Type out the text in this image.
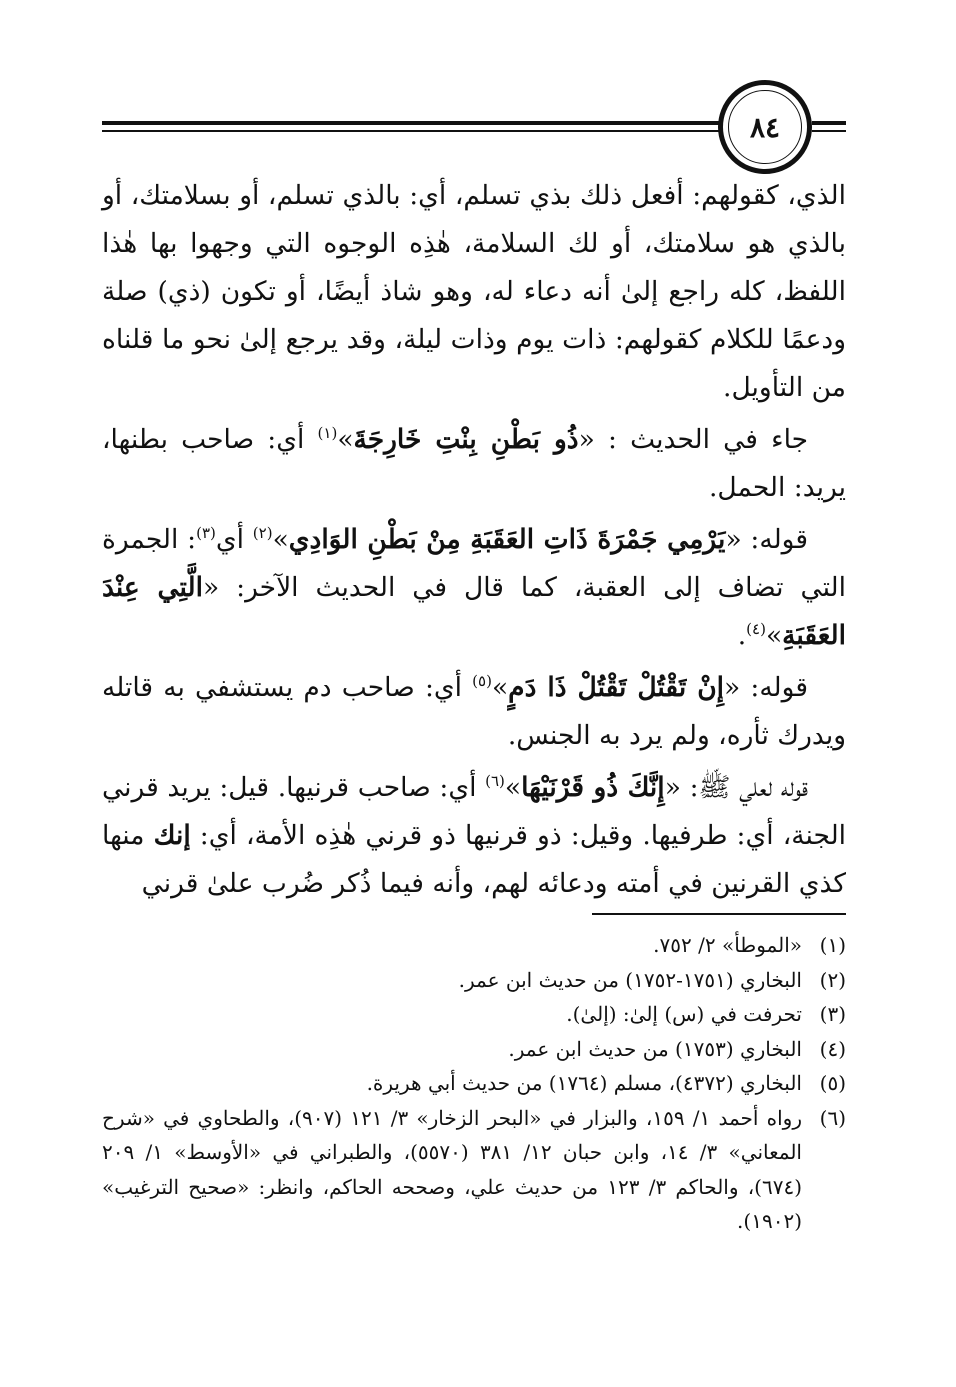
٨٤

الذي، كقولهم: أفعل ذلك بذي تسلم، أي: بالذي تسلم، أو بسلامتك، أو بالذي هو سلامتك، أو لك السلامة، هٰذِه الوجوه التي وجهوا بها هٰذا اللفظ، كله راجع إلىٰ أنه دعاء له، وهو شاذ أيضًا، أو تكون (ذي) صلة ودعمًا للكلام كقولهم: ذات يوم وذات ليلة، وقد يرجع إلىٰ نحو ما قلناه من التأويل.

جاء في الحديث : «ذُو بَطْنِ بِنْتِ خَارِجَةَ»$^{(١)}$ أي: صاحب بطنها، يريد: الحمل.

قوله: «يَرْمِي جَمْرَةَ ذَاتِ العَقَبَةِ مِنْ بَطْنِ الوَادِي»$^{(٢)}$ أي$^{(٣)}$: الجمرة التي تضاف إلى العقبة، كما قال في الحديث الآخر: «الَّتِي عِنْدَ العَقَبَةِ»$^{(٤)}$.

قوله: «إِنْ تَقْتُلْ تَقْتُلْ ذَا دَمٍ»$^{(٥)}$ أي: صاحب دم يستشفي به قاتله ويدرك ثأره، ولم يرد به الجنس.

قوله لعلي ﷺ: «إِنَّكَ ذُو قَرْنَيْهَا»$^{(٦)}$ أي: صاحب قرنيها. قيل: يريد قرني الجنة، أي: طرفيها. وقيل: ذو قرنيها ذو قرني هٰذِه الأمة، أي: إنك منها كذي القرنين في أمته ودعائه لهم، وأنه فيما ذُكر ضُرب علىٰ قرني

(١)
«الموطأ» ٢/ ٧٥٢.
(٢)
البخاري (١٧٥١-١٧٥٢) من حديث ابن عمر.
(٣)
تحرفت في (س) إلىٰ: (إلىٰ).
(٤)
البخاري (١٧٥٣) من حديث ابن عمر.
(٥)
البخاري (٤٣٧٢)، مسلم (١٧٦٤) من حديث أبي هريرة.
(٦)
رواه أحمد ١/ ١٥٩، والبزار في «البحر الزخار» ٣/ ١٢١ (٩٠٧)، والطحاوي في «شرح المعاني» ٣/ ١٤، وابن حبان ١٢/ ٣٨١ (٥٥٧٠)، والطبراني في «الأوسط» ١/ ٢٠٩ (٦٧٤)، والحاكم ٣/ ١٢٣ من حديث علي، وصححه الحاكم، وانظر: «صحيح الترغيب» (١٩٠٢).
